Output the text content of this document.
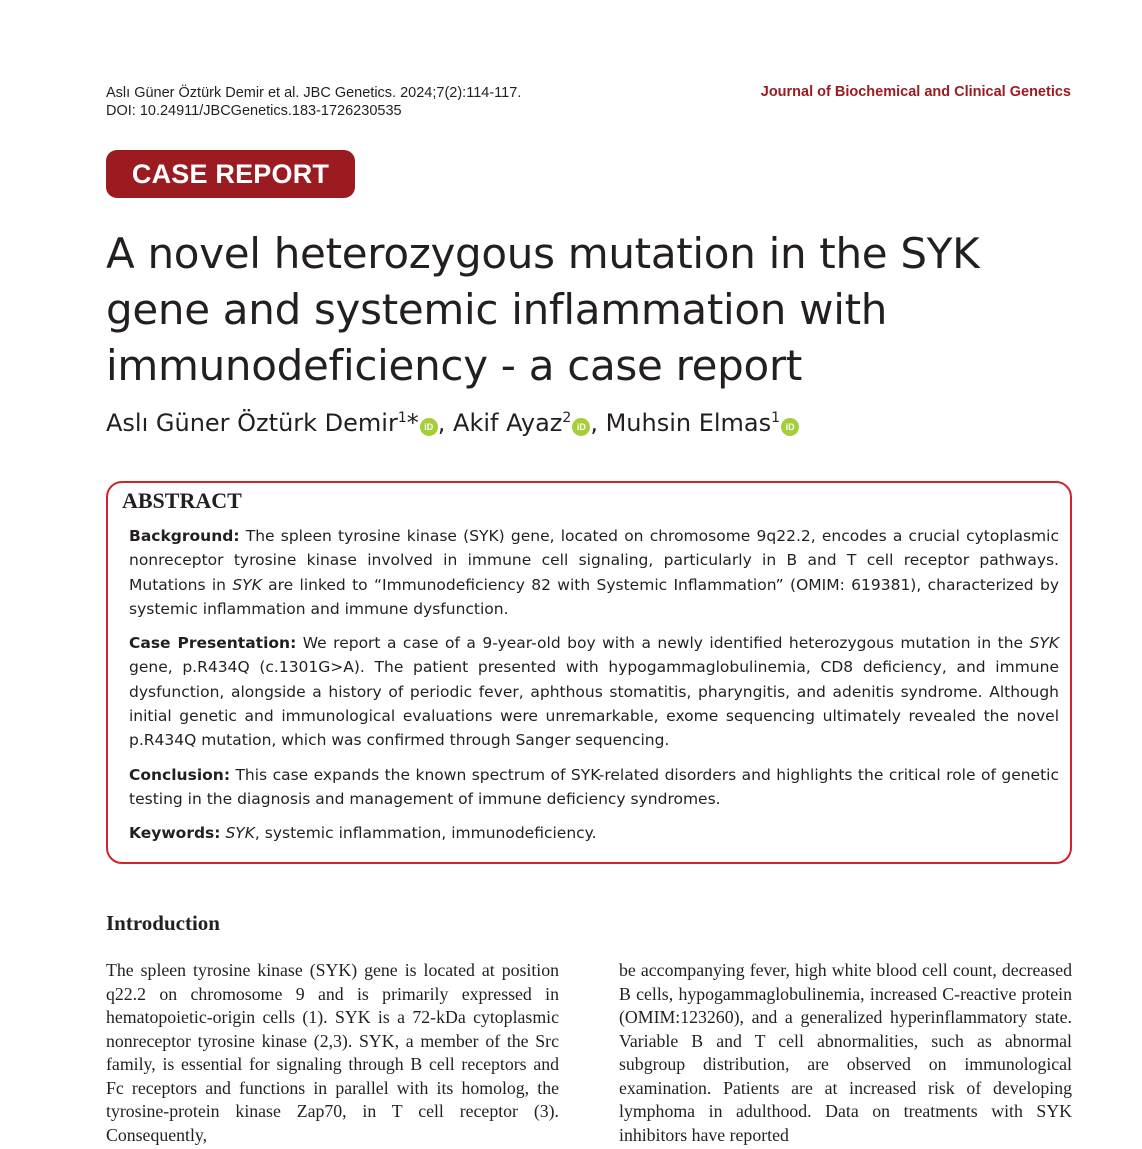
Aslı Güner Öztürk Demir et al. JBC Genetics. 2024;7(2):114-117.
DOI: 10.24911/JBCGenetics.183-1726230535
Journal of Biochemical and Clinical Genetics
CASE REPORT
A novel heterozygous mutation in the SYK gene and systemic inflammation with immunodeficiency - a case report
Aslı Güner Öztürk Demir$^1$* iD , Akif Ayaz$^2$iD , Muhsin Elmas$^1$iD
ABSTRACT

Background: The spleen tyrosine kinase (SYK) gene, located on chromosome 9q22.2, encodes a crucial cytoplasmic nonreceptor tyrosine kinase involved in immune cell signaling, particularly in B and T cell receptor pathways. Mutations in SYK are linked to “Immunodeficiency 82 with Systemic Inflammation” (OMIM: 619381), characterized by systemic inflammation and immune dysfunction.

Case Presentation: We report a case of a 9-year-old boy with a newly identified heterozygous mutation in the SYK gene, p.R434Q (c.1301G>A). The patient presented with hypogammaglobulinemia, CD8 deficiency, and immune dysfunction, alongside a history of periodic fever, aphthous stomatitis, pharyngitis, and adenitis syndrome. Although initial genetic and immunological evaluations were unremarkable, exome sequencing ultimately revealed the novel p.R434Q mutation, which was confirmed through Sanger sequencing.

Conclusion: This case expands the known spectrum of SYK-related disorders and highlights the critical role of genetic testing in the diagnosis and management of immune deficiency syndromes.

Keywords: SYK, systemic inflammation, immunodeficiency.

Introduction

The spleen tyrosine kinase (SYK) gene is located at position q22.2 on chromosome 9 and is primarily expressed in hematopoietic-origin cells (1). SYK is a 72-kDa cytoplasmic nonreceptor tyrosine kinase (2,3). SYK, a member of the Src family, is essential for signaling through B cell receptors and Fc receptors and functions in parallel with its homolog, the tyrosine-protein kinase Zap70, in T cell receptor (3). Consequently,

be accompanying fever, high white blood cell count, decreased B cells, hypogammaglobulinemia, increased C-reactive protein (OMIM:123260), and a generalized hyperinflammatory state. Variable B and T cell abnormalities, such as abnormal subgroup distribution, are observed on immunological examination. Patients are at increased risk of developing lymphoma in adulthood. Data on treatments with SYK inhibitors have reported
